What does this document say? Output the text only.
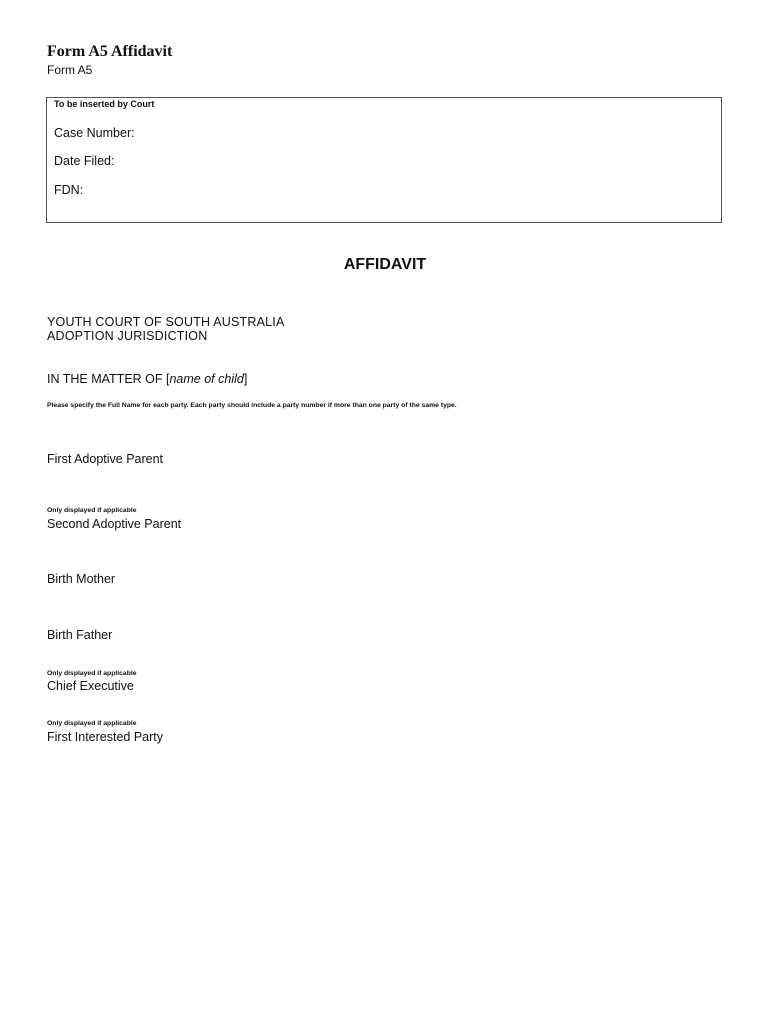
Form A5 Affidavit
Form A5
To be inserted by Court
Case Number:
Date Filed:
FDN:
AFFIDAVIT
YOUTH COURT OF SOUTH AUSTRALIA
ADOPTION JURISDICTION
IN THE MATTER OF [name of child]
Please specify the Full Name for each party. Each party should include a party number if more than one party of the same type.
First Adoptive Parent
Only displayed if applicable
Second Adoptive Parent
Birth Mother
Birth Father
Only displayed if applicable
Chief Executive
Only displayed if applicable
First Interested Party
